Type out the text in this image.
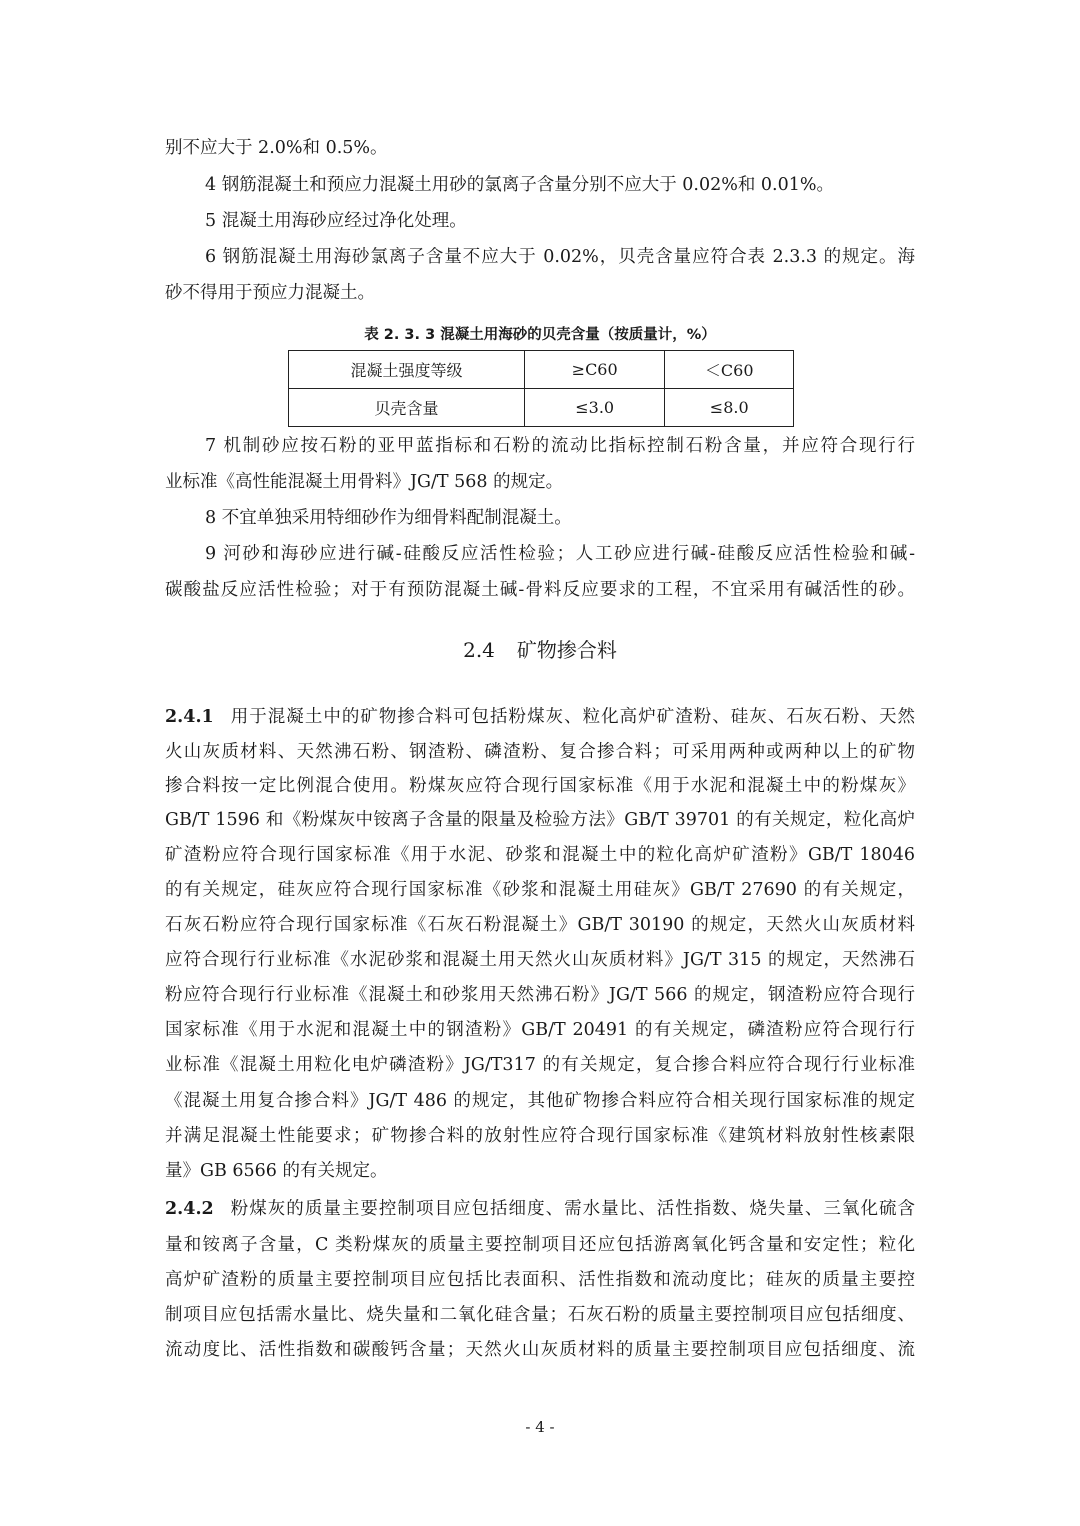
别不应大于 2.0%和 0.5%。
4 钢筋混凝土和预应力混凝土用砂的氯离子含量分别不应大于 0.02%和 0.01%。
5 混凝土用海砂应经过净化处理。
6 钢筋混凝土用海砂氯离子含量不应大于 0.02%，贝壳含量应符合表 2.3.3 的规定。海
砂不得用于预应力混凝土。
表 2. 3. 3 混凝土用海砂的贝壳含量（按质量计，%）
混凝土强度等级	≥C60	＜C60
贝壳含量	≤3.0	≤8.0
7 机制砂应按石粉的亚甲蓝指标和石粉的流动比指标控制石粉含量，并应符合现行行
业标准《高性能混凝土用骨料》JG/T 568 的规定。
8 不宜单独采用特细砂作为细骨料配制混凝土。
9 河砂和海砂应进行碱-硅酸反应活性检验；人工砂应进行碱-硅酸反应活性检验和碱-
碳酸盐反应活性检验；对于有预防混凝土碱-骨料反应要求的工程，不宜采用有碱活性的砂。
2.4 矿物掺合料
2.4.1 用于混凝土中的矿物掺合料可包括粉煤灰、粒化高炉矿渣粉、硅灰、石灰石粉、天然
火山灰质材料、天然沸石粉、钢渣粉、磷渣粉、复合掺合料；可采用两种或两种以上的矿物
掺合料按一定比例混合使用。粉煤灰应符合现行国家标准《用于水泥和混凝土中的粉煤灰》
GB/T 1596 和《粉煤灰中铵离子含量的限量及检验方法》GB/T 39701 的有关规定，粒化高炉
矿渣粉应符合现行国家标准《用于水泥、砂浆和混凝土中的粒化高炉矿渣粉》GB/T 18046
的有关规定，硅灰应符合现行国家标准《砂浆和混凝土用硅灰》GB/T 27690 的有关规定，
石灰石粉应符合现行国家标准《石灰石粉混凝土》GB/T 30190 的规定，天然火山灰质材料
应符合现行行业标准《水泥砂浆和混凝土用天然火山灰质材料》JG/T 315 的规定，天然沸石
粉应符合现行行业标准《混凝土和砂浆用天然沸石粉》JG/T 566 的规定，钢渣粉应符合现行
国家标准《用于水泥和混凝土中的钢渣粉》GB/T 20491 的有关规定，磷渣粉应符合现行行
业标准《混凝土用粒化电炉磷渣粉》JG/T317 的有关规定，复合掺合料应符合现行行业标准
《混凝土用复合掺合料》JG/T 486 的规定，其他矿物掺合料应符合相关现行国家标准的规定
并满足混凝土性能要求；矿物掺合料的放射性应符合现行国家标准《建筑材料放射性核素限
量》GB 6566 的有关规定。
2.4.2 粉煤灰的质量主要控制项目应包括细度、需水量比、活性指数、烧失量、三氧化硫含
量和铵离子含量，C 类粉煤灰的质量主要控制项目还应包括游离氧化钙含量和安定性；粒化
高炉矿渣粉的质量主要控制项目应包括比表面积、活性指数和流动度比；硅灰的质量主要控
制项目应包括需水量比、烧失量和二氧化硅含量；石灰石粉的质量主要控制项目应包括细度、
流动度比、活性指数和碳酸钙含量；天然火山灰质材料的质量主要控制项目应包括细度、流
- 4 -
